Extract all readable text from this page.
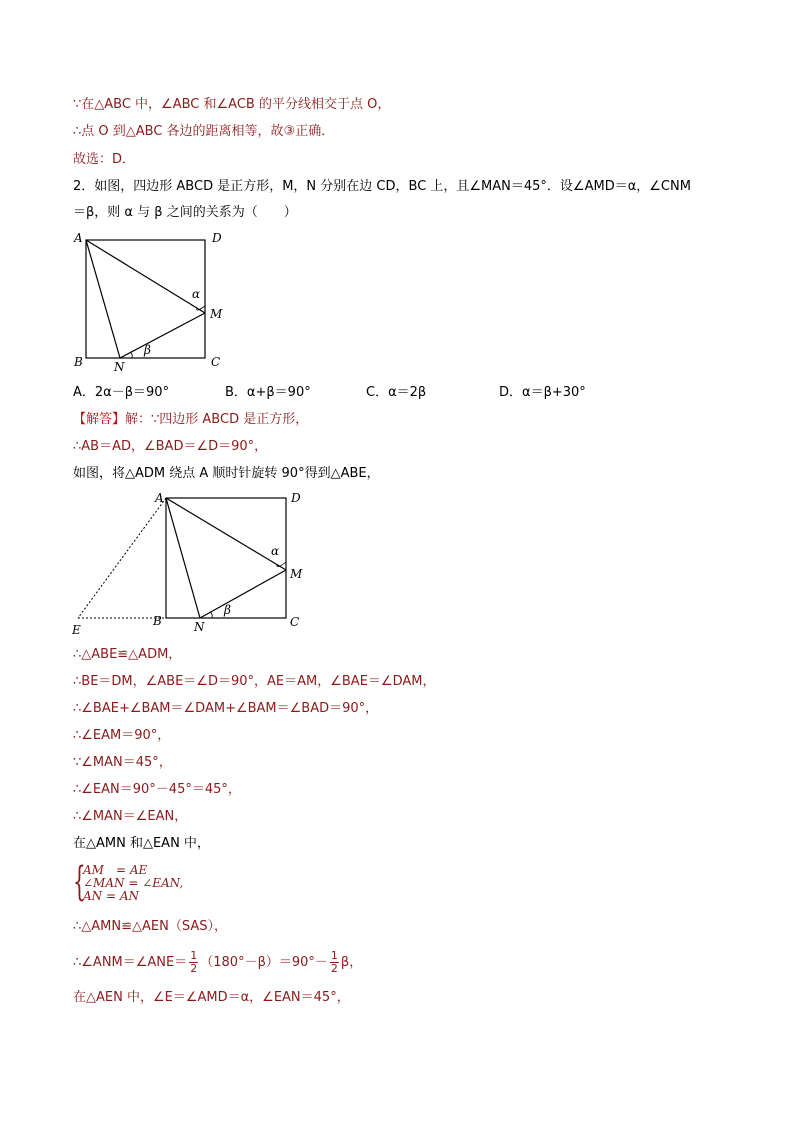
∵在△ABC 中，∠ABC 和∠ACB 的平分线相交于点 O，
∴点 O 到△ABC 各边的距离相等，故③正确．
故选：D．
2．如图，四边形 ABCD 是正方形，M，N 分别在边 CD，BC 上，且∠MAN＝45°．设∠AMD＝α，∠CNM
＝β，则 α 与 β 之间的关系为（　　）
A	D
B	C
M
N
α
β
A．2α－β＝90°	B．α+β＝90°	C．α＝2β	D．α＝β+30°
【解答】解：∵四边形 ABCD 是正方形，
∴AB＝AD，∠BAD＝∠D＝90°，
如图，将△ADM 绕点 A 顺时针旋转 90°得到△ABE，
A	D
B	C
M
N
E
α
β
∴△ABE≌△ADM，
∴BE＝DM，∠ABE＝∠D＝90°，AE＝AM，∠BAE＝∠DAM，
∴∠BAE+∠BAM＝∠DAM+∠BAM＝∠BAD＝90°，
∴∠EAM＝90°，
∵∠MAN＝45°，
∴∠EAN＝90°－45°＝45°，
∴∠MAN＝∠EAN，
在△AMN 和△EAN 中，
{
AM　= AE
∠MAN = ∠EAN,
AN = AN
∴△AMN≌△AEN（SAS），
∴∠ANM＝∠ANE＝ $\frac{1}{2} (180^\circ-\beta)=90^\circ- \frac{1}{2}$ β，
在△AEN 中，∠E＝∠AMD＝α，∠EAN＝45°，
